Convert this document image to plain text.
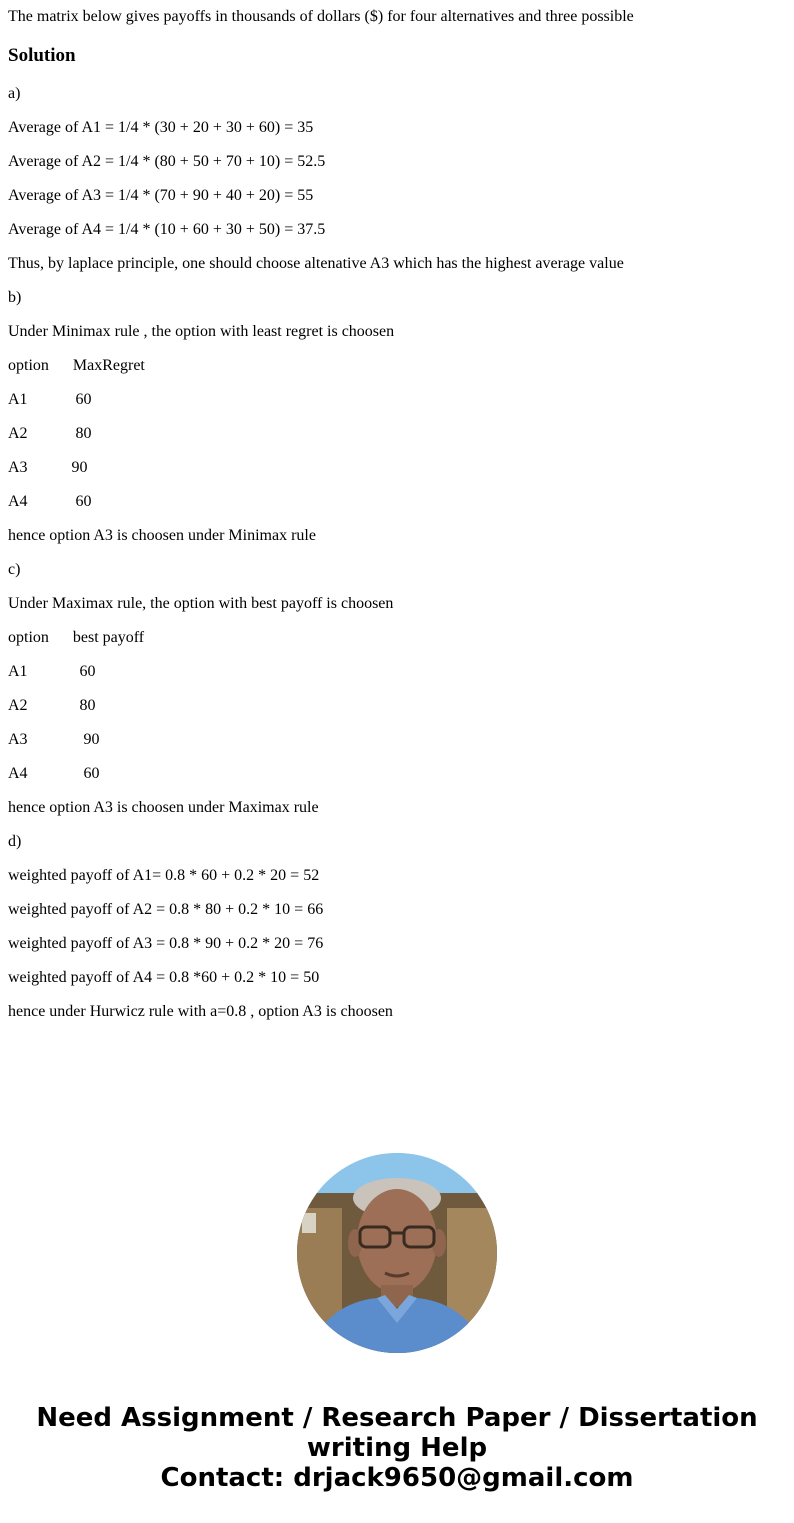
The matrix below gives payoffs in thousands of dollars ($) for four alternatives and three possible

Solution

a)

Average of A1 = 1/4 * (30 + 20 + 30 + 60) = 35

Average of A2 = 1/4 * (80 + 50 + 70 + 10) = 52.5

Average of A3 = 1/4 * (70 + 90 + 40 + 20) = 55

Average of A4 = 1/4 * (10 + 60 + 30 + 50) = 37.5

Thus, by laplace principle, one should choose altenative A3 which has the highest average value

b)

Under Minimax rule , the option with least regret is choosen

option      MaxRegret

A1            60

A2            80

A3           90

A4            60

hence option A3 is choosen under Minimax rule

c)

Under Maximax rule, the option with best payoff is choosen

option      best payoff

A1             60

A2             80

A3              90

A4              60

hence option A3 is choosen under Maximax rule

d)

weighted payoff of A1= 0.8 * 60 + 0.2 * 20 = 52

weighted payoff of A2 = 0.8 * 80 + 0.2 * 10 = 66

weighted payoff of A3 = 0.8 * 90 + 0.2 * 20 = 76

weighted payoff of A4 = 0.8 *60 + 0.2 * 10 = 50

hence under Hurwicz rule with a=0.8 , option A3 is choosen

Need Assignment / Research Paper / Dissertation
writing Help
Contact: drjack9650@gmail.com
